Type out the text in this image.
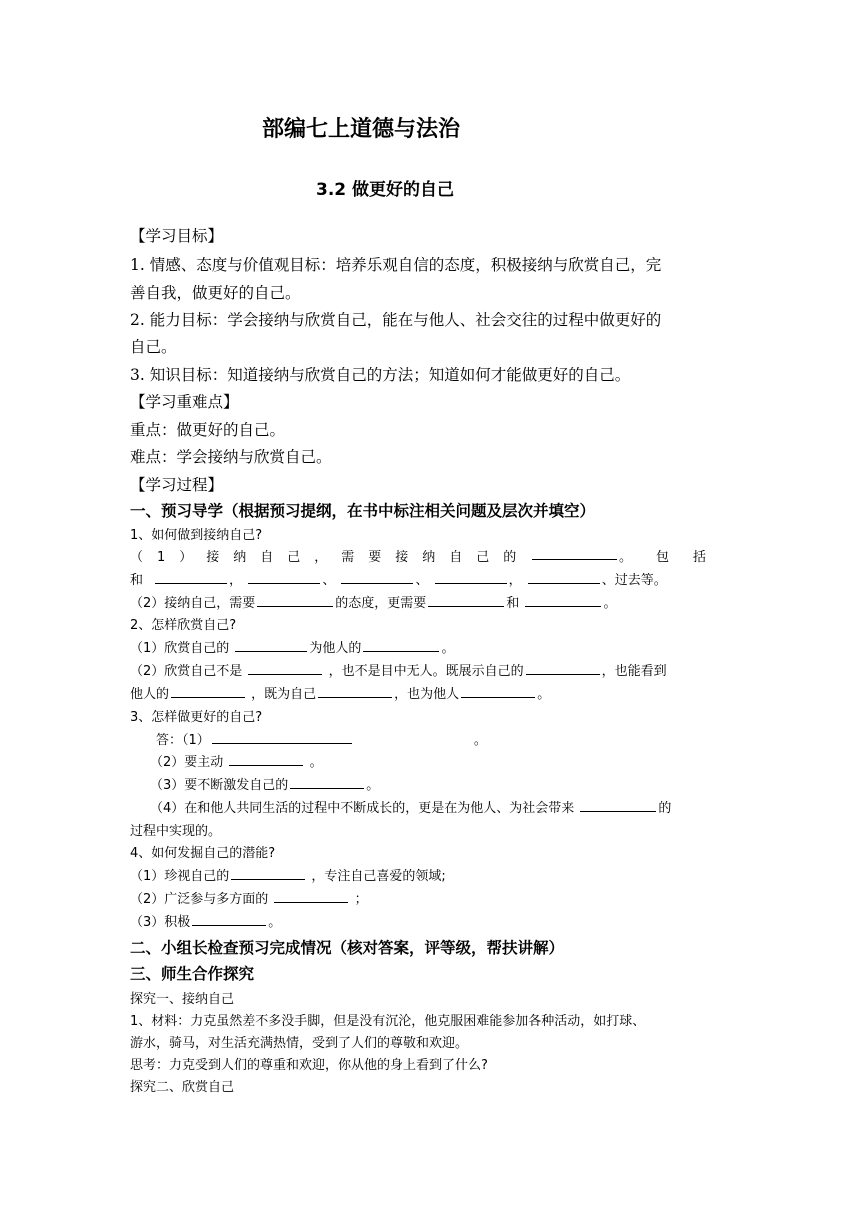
部编七上道德与法治
3.2 做更好的自己
【学习目标】
1. 情感、态度与价值观目标：培养乐观自信的态度，积极接纳与欣赏自己，完
善自我，做更好的自己。
2. 能力目标：学会接纳与欣赏自己，能在与他人、社会交往的过程中做更好的
自己。
3. 知识目标：知道接纳与欣赏自己的方法；知道如何才能做更好的自己。
【学习重难点】
重点：做更好的自己。
难点：学会接纳与欣赏自己。
【学习过程】
一、预习导学（根据预习提纲，在书中标注相关问题及层次并填空）
1、如何做到接纳自己?
（1）接纳自己，需要接纳自己的	。包括
和	，	、	、	，	、过去等。
（2）接纳自己，需要	的态度，更需要	和	。
2、怎样欣赏自己?
（1）欣赏自己的	为他人的	。
（2）欣赏自己不是	，也不是目中无人。既展示自己的	，也能看到
他人的	，既为自己	，也为他人	。
3、怎样做更好的自己?
答：（1）	。
（2）要主动	。
（3）要不断激发自己的	。
（4）在和他人共同生活的过程中不断成长的，更是在为他人、为社会带来	的
过程中实现的。
4、如何发掘自己的潜能?
（1）珍视自己的	，专注自己喜爱的领域;
（2）广泛参与多方面的	；
（3）积极	。
二、小组长检查预习完成情况（核对答案，评等级，帮扶讲解）
三、师生合作探究
探究一、接纳自己
1、材料：力克虽然差不多没手脚，但是没有沉沦，他克服困难能参加各种活动，如打球、
游水，骑马，对生活充满热情，受到了人们的尊敬和欢迎。
思考：力克受到人们的尊重和欢迎，你从他的身上看到了什么?
探究二、欣赏自己
